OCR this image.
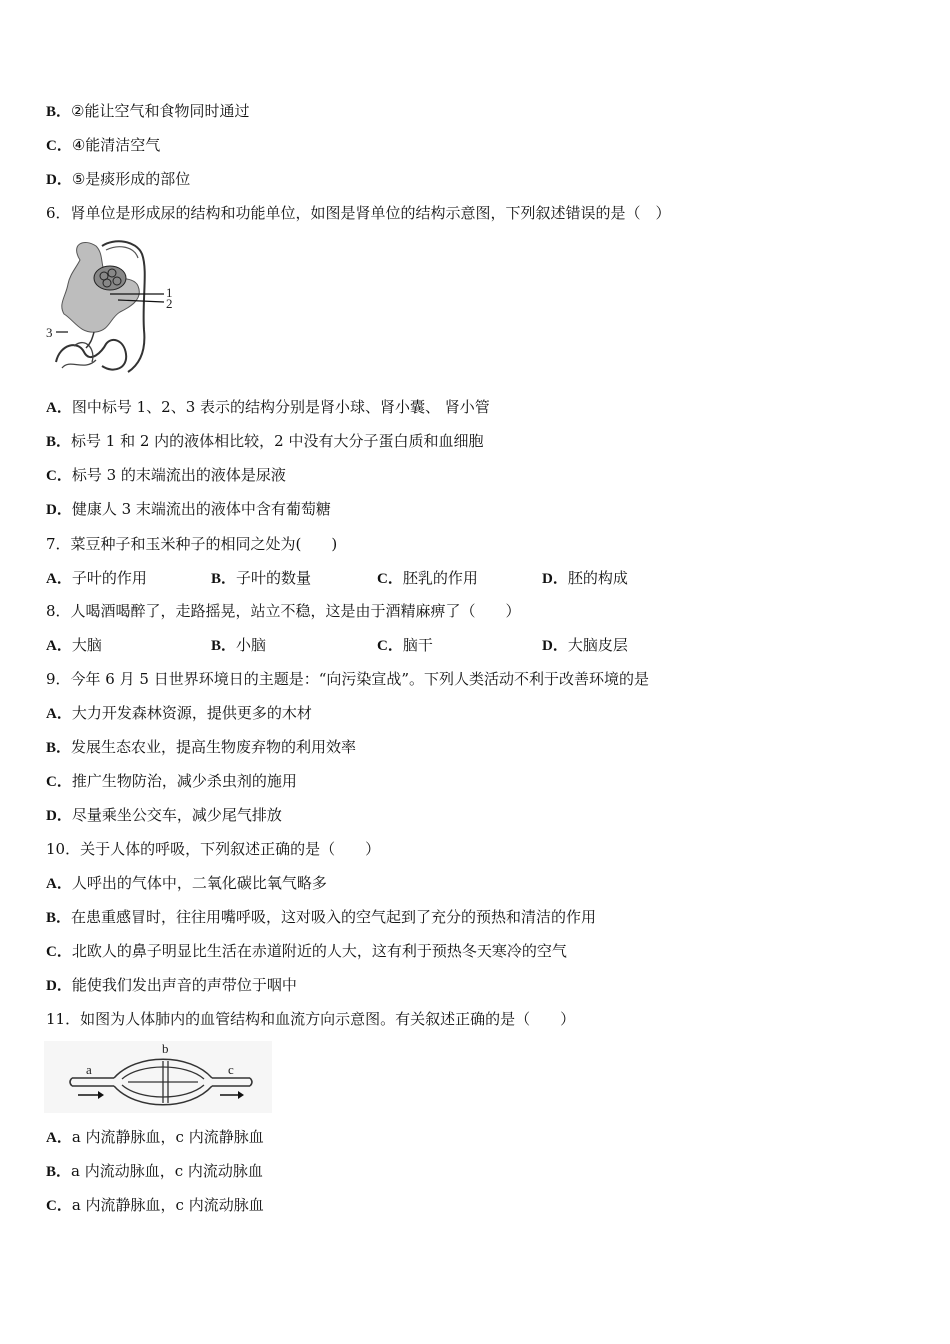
B．②能让空气和食物同时通过
C．④能清洁空气
D．⑤是痰形成的部位
6．肾单位是形成尿的结构和功能单位，如图是肾单位的结构示意图，下列叙述错误的是（　）
1
2
3
A．图中标号 1、2、3 表示的结构分别是肾小球、肾小囊、 肾小管
B．标号 1 和 2 内的液体相比较，2 中没有大分子蛋白质和血细胞
C．标号 3 的末端流出的液体是尿液
D．健康人 3 末端流出的液体中含有葡萄糖
7．菜豆种子和玉米种子的相同之处为(　　)
A．子叶的作用	B．子叶的数量	C．胚乳的作用	D．胚的构成
8．人喝酒喝醉了，走路摇晃，站立不稳，这是由于酒精麻痹了（　　）
A．大脑	B．小脑	C．脑干	D．大脑皮层
9．今年 6 月 5 日世界环境日的主题是：“向污染宣战”。下列人类活动不利于改善环境的是
A．大力开发森林资源，提供更多的木材
B．发展生态农业，提高生物废弃物的利用效率
C．推广生物防治，减少杀虫剂的施用
D．尽量乘坐公交车，减少尾气排放
10．关于人体的呼吸，下列叙述正确的是（　　）
A．人呼出的气体中，二氧化碳比氧气略多
B．在患重感冒时，往往用嘴呼吸，这对吸入的空气起到了充分的预热和清洁的作用
C．北欧人的鼻子明显比生活在赤道附近的人大，这有利于预热冬天寒冷的空气
D．能使我们发出声音的声带位于咽中
11．如图为人体肺内的血管结构和血流方向示意图。有关叙述正确的是（　　）
a
b
c
A．a 内流静脉血，c 内流静脉血
B．a 内流动脉血，c 内流动脉血
C．a 内流静脉血，c 内流动脉血
